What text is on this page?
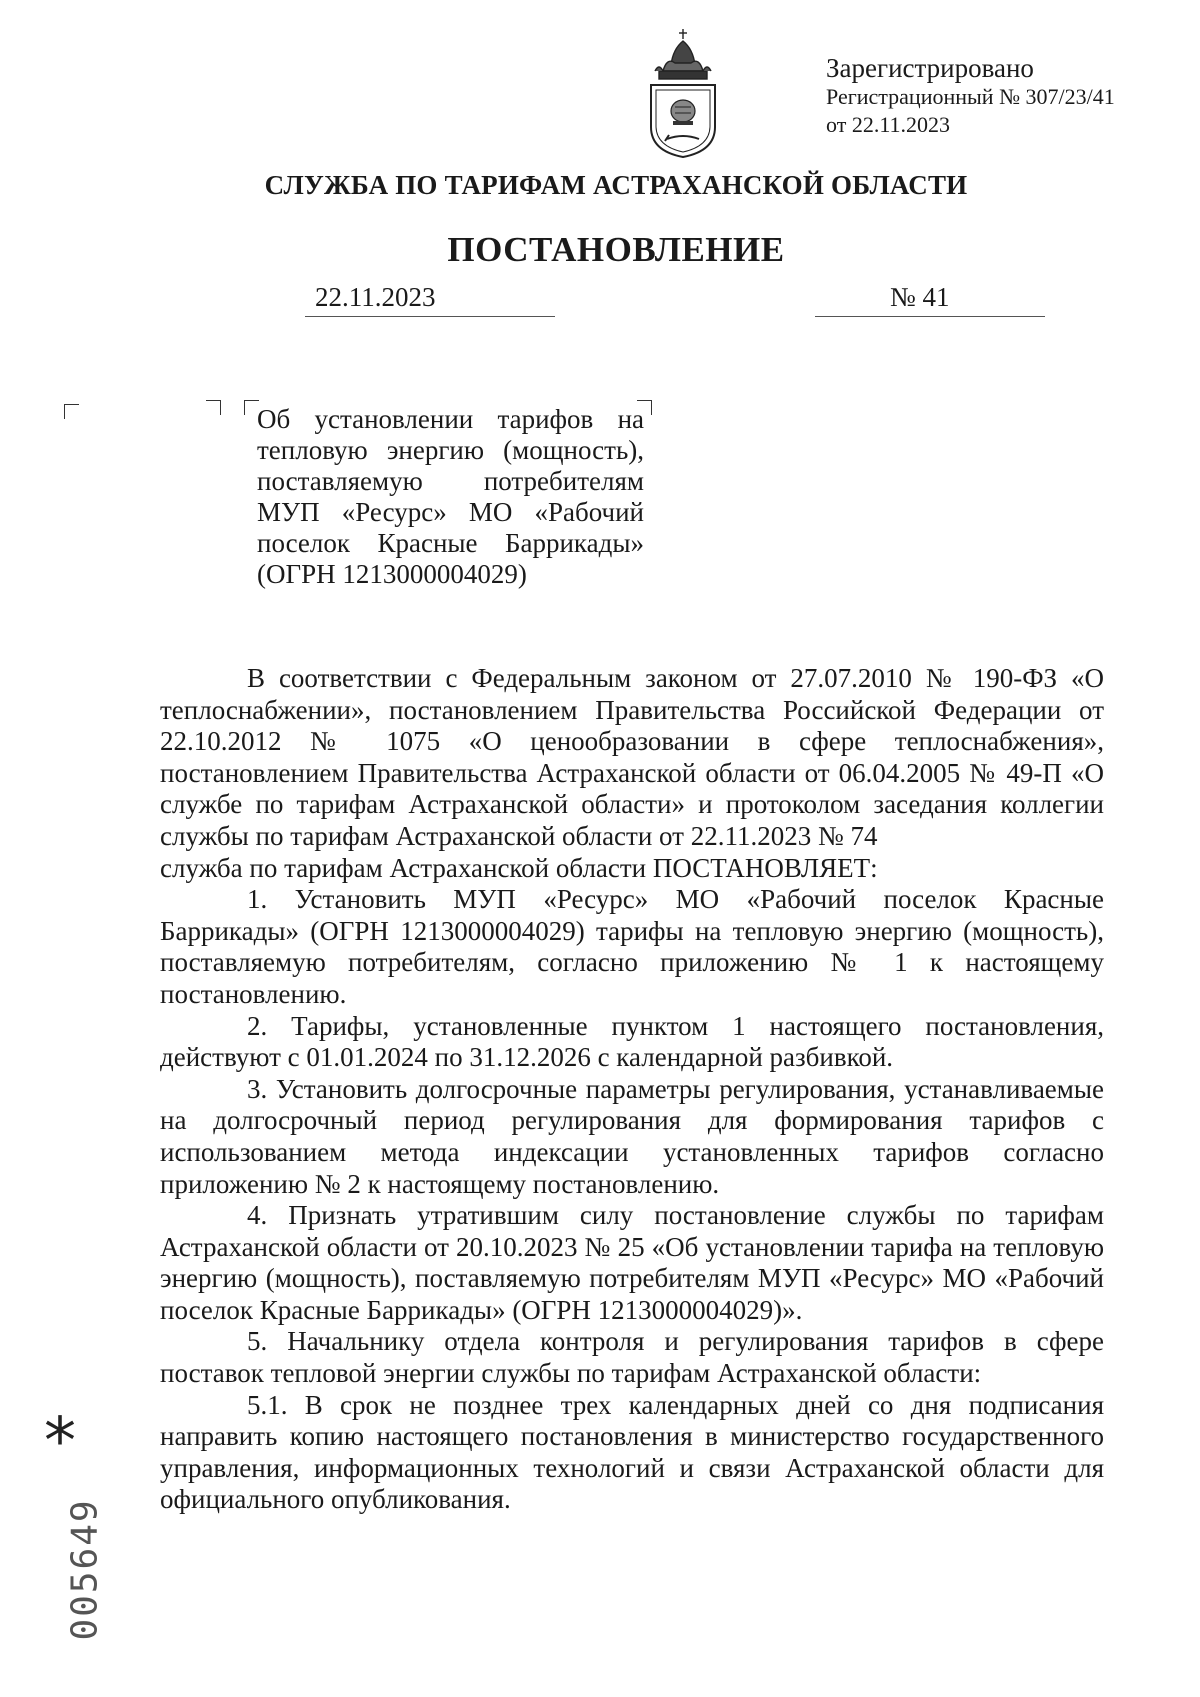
Зарегистрировано
Регистрационный № 307/23/41
от 22.11.2023
СЛУЖБА ПО ТАРИФАМ АСТРАХАНСКОЙ ОБЛАСТИ
ПОСТАНОВЛЕНИЕ
22.11.2023	№ 41
Об установлении тарифов на тепловую энергию (мощность), поставляемую потребителям МУП «Ресурс» МО «Рабочий поселок Красные Баррикады» (ОГРН 1213000004029)

В соответствии с Федеральным законом от 27.07.2010 № 190-ФЗ «О теплоснабжении», постановлением Правительства Российской Федерации от 22.10.2012 № 1075 «О ценообразовании в сфере теплоснабжения», постановлением Правительства Астраханской области от 06.04.2005 № 49-П «О службе по тарифам Астраханской области» и протоколом заседания коллегии службы по тарифам Астраханской области от 22.11.2023 № 74

служба по тарифам Астраханской области ПОСТАНОВЛЯЕТ:

1. Установить МУП «Ресурс» МО «Рабочий поселок Красные Баррикады» (ОГРН 1213000004029) тарифы на тепловую энергию (мощность), поставляемую потребителям, согласно приложению № 1 к настоящему постановлению.

2. Тарифы, установленные пунктом 1 настоящего постановления, действуют с 01.01.2024 по 31.12.2026 с календарной разбивкой.

3. Установить долгосрочные параметры регулирования, устанавливаемые на долгосрочный период регулирования для формирования тарифов с использованием метода индексации установленных тарифов согласно приложению № 2 к настоящему постановлению.

4. Признать утратившим силу постановление службы по тарифам Астраханской области от 20.10.2023 № 25 «Об установлении тарифа на тепловую энергию (мощность), поставляемую потребителям МУП «Ресурс» МО «Рабочий поселок Красные Баррикады» (ОГРН 1213000004029)».

5. Начальнику отдела контроля и регулирования тарифов в сфере поставок тепловой энергии службы по тарифам Астраханской области:

5.1. В срок не позднее трех календарных дней со дня подписания направить копию настоящего постановления в министерство государственного управления, информационных технологий и связи Астраханской области для официального опубликования.

*
005649
